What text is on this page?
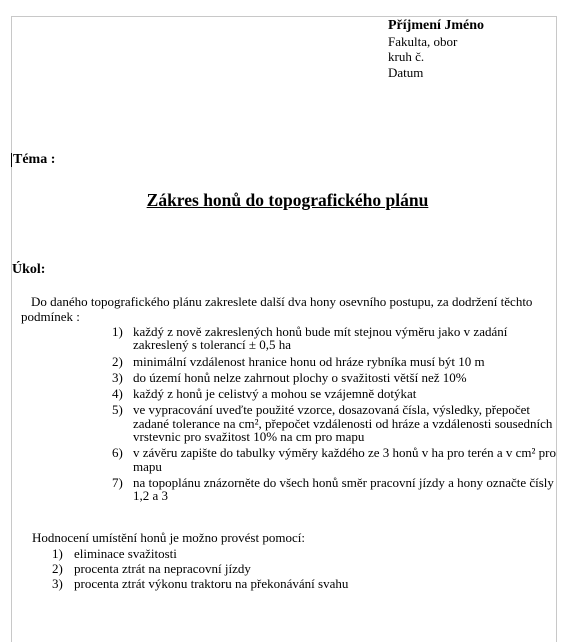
Příjmení Jméno
Fakulta, obor
kruh č.
Datum
Téma :
Zákres honů do topografického plánu
Úkol:
Do daného topografického plánu zakreslete další dva hony osevního postupu, za dodržení těchto
podmínek :
1) každý z nově zakreslených honů bude mít stejnou výměru jako v zadání zakreslený s tolerancí ± 0,5 ha
2) minimální vzdálenost hranice honu od hráze rybníka musí být 10 m
3) do území honů nelze zahrnout plochy o svažitosti větší než 10%
4) každý z honů je celistvý a mohou se vzájemně dotýkat
5) ve vypracování uveďte použité vzorce, dosazovaná čísla, výsledky, přepočet zadané tolerance na cm², přepočet vzdálenosti od hráze a vzdálenosti sousedních vrstevnic pro svažitost 10% na cm pro mapu
6) v závěru zapište do tabulky výměry každého ze 3 honů v ha pro terén a v cm² pro mapu
7) na topoplánu znázorněte do všech honů směr pracovní jízdy a hony označte čísly 1,2 a 3
Hodnocení umístění honů je možno provést pomocí:
1) eliminace svažitosti
2) procenta ztrát na nepracovní jízdy
3) procenta ztrát výkonu traktoru na překonávání svahu
